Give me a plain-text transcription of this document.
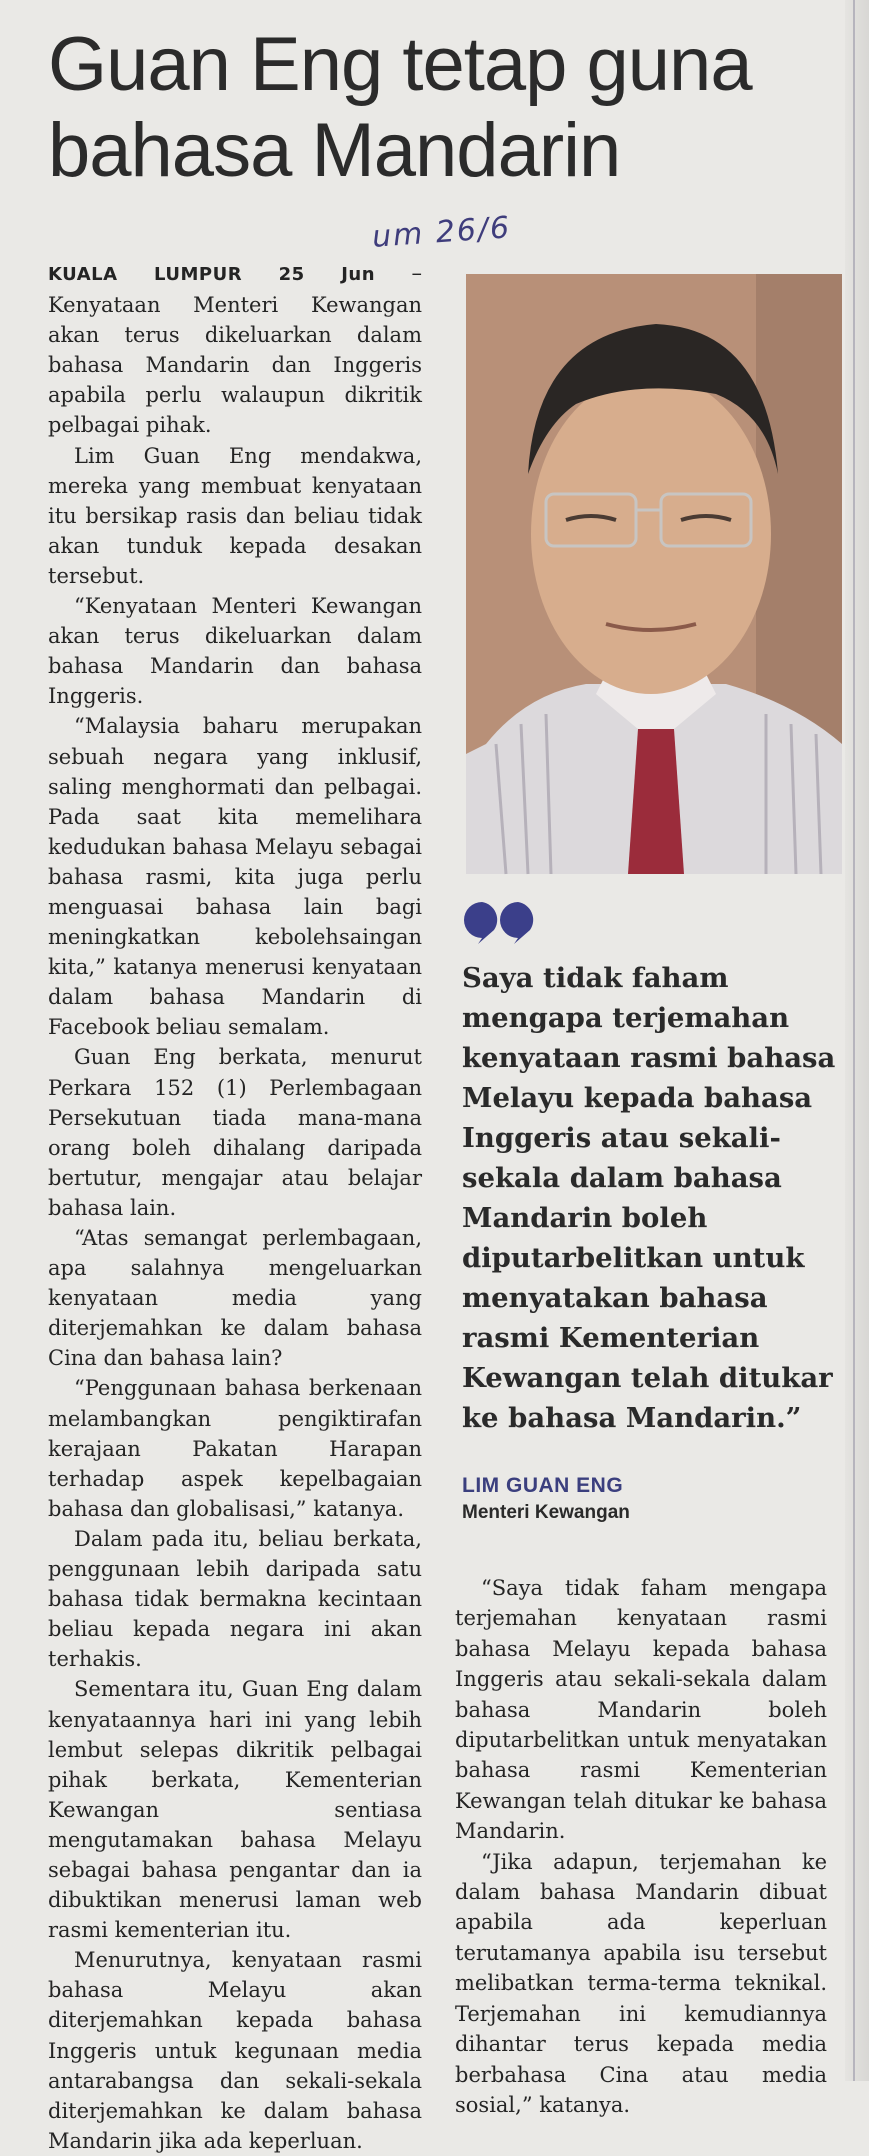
Guan Eng tetap guna
bahasa Mandarin
um 26/6

KUALA LUMPUR 25 Jun – Kenyataan Menteri Kewangan akan terus dikeluarkan dalam bahasa Mandarin dan Inggeris apabila perlu walaupun dikritik pelbagai pihak.

Lim Guan Eng mendakwa, mereka yang membuat kenyataan itu bersikap rasis dan beliau tidak akan tunduk kepada desakan tersebut.

“Kenyataan Menteri Kewangan akan terus dikeluarkan dalam bahasa Mandarin dan bahasa Inggeris.

“Malaysia baharu merupakan sebuah negara yang inklusif, saling menghormati dan pelbagai. Pada saat kita memelihara kedudukan bahasa Melayu sebagai bahasa rasmi, kita juga perlu menguasai bahasa lain bagi meningkatkan kebolehsaingan kita,” katanya menerusi kenyataan dalam bahasa Mandarin di Facebook beliau semalam.

Guan Eng berkata, menurut Perkara 152 (1) Perlembagaan Persekutuan tiada mana-mana orang boleh dihalang daripada bertutur, mengajar atau belajar bahasa lain.

“Atas semangat perlembagaan, apa salahnya mengeluarkan kenyataan media yang diterjemahkan ke dalam bahasa Cina dan bahasa lain?

“Penggunaan bahasa berkenaan melambangkan pengiktirafan kerajaan Pakatan Harapan terhadap aspek kepelbagaian bahasa dan globalisasi,” katanya.

Dalam pada itu, beliau berkata, penggunaan lebih daripada satu bahasa tidak bermakna kecintaan beliau kepada negara ini akan terhakis.

Sementara itu, Guan Eng dalam kenyataannya hari ini yang lebih lembut selepas dikritik pelbagai pihak berkata, Kementerian Kewangan sentiasa mengutamakan bahasa Melayu sebagai bahasa pengantar dan ia dibuktikan menerusi laman web rasmi kementerian itu.

Menurutnya, kenyataan rasmi bahasa Melayu akan diterjemahkan kepada bahasa Inggeris untuk kegunaan media antarabangsa dan sekali-sekala diterjemahkan ke dalam bahasa Mandarin jika ada keperluan.

Saya tidak faham mengapa terjemahan kenyataan rasmi bahasa Melayu kepada bahasa Inggeris atau sekali-sekala dalam bahasa Mandarin boleh diputarbelitkan untuk menyatakan bahasa rasmi Kementerian Kewangan telah ditukar ke bahasa Mandarin.”
LIM GUAN ENG
Menteri Kewangan

“Saya tidak faham mengapa terjemahan kenyataan rasmi bahasa Melayu kepada bahasa Inggeris atau sekali-sekala dalam bahasa Mandarin boleh diputarbelitkan untuk menyatakan bahasa rasmi Kementerian Kewangan telah ditukar ke bahasa Mandarin.

“Jika adapun, terjemahan ke dalam bahasa Mandarin dibuat apabila ada keperluan terutamanya apabila isu tersebut melibatkan terma-terma teknikal. Terjemahan ini kemudiannya dihantar terus kepada media berbahasa Cina atau media sosial,” katanya.
